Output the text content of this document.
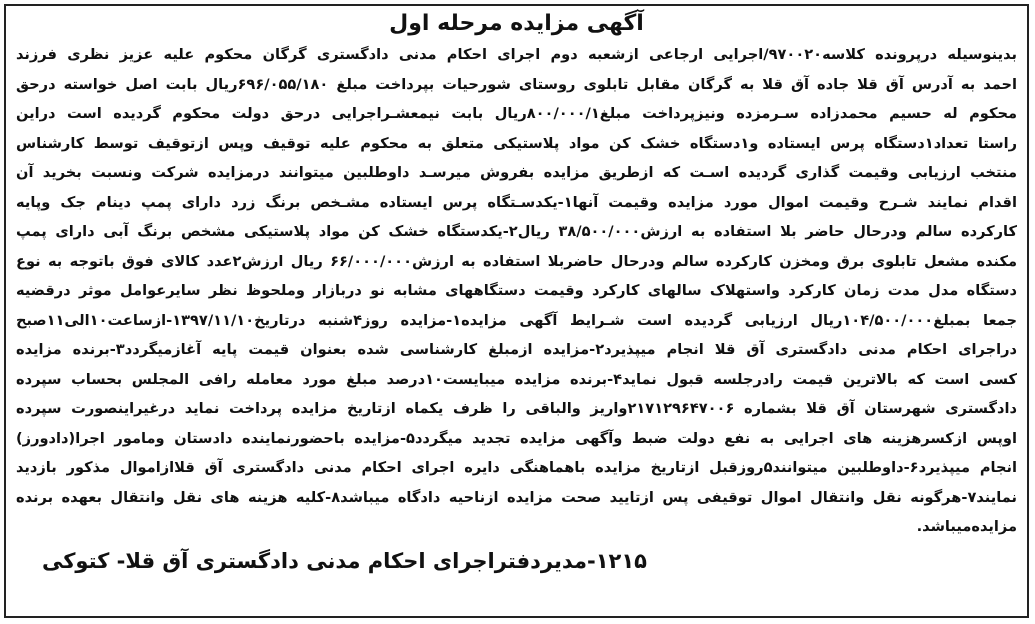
آگهی مزایده مرحله اول
بدینوسیله درپرونده کلاسه۹۷۰۰۲۰/اجرایی ارجاعی ازشعبه دوم اجرای احکام مدنی دادگستری گرگان محکوم علیه عزیز نظری فرزند
احمد به آدرس آق قلا جاده آق قلا به گرگان مقابل تابلوی روستای شورحیات بپرداخت مبلغ ۶۹۶/۰۵۵/۱۸۰ریال بابت اصل خواسته درحق
محکوم له حسیم محمدزاده سـرمزده ونیزپرداخت مبلغ۸۰۰/۰۰۰/۱ریال بابت نیمعشـراجرایی درحق دولت محکوم گردیده است دراین
راستا تعداد۱دستگاه پرس ایستاده و۱دستگاه خشک کن مواد پلاستیکی متعلق به محکوم علیه توقیف وپس ازتوقیف توسط کارشناس
منتخب ارزیابی وقیمت گذاری گردیده اسـت که ازطریق مزایده بفروش میرسـد داوطلبین میتوانند درمزایده شرکت ونسبت بخرید آن
اقدام نمایند شـرح وقیمت اموال مورد مزایده وقیمت آنها۱-یکدسـتگاه پرس ایستاده مشـخص برنگ زرد دارای پمپ دینام جک وپایه
کارکرده سالم ودرحال حاضر بلا استفاده به ارزش۳۸/۵۰۰/۰۰۰ ریال۲-یکدستگاه خشک کن مواد پلاستیکی مشخص برنگ آبی دارای پمپ
مکنده مشعل تابلوی برق ومخزن کارکرده سالم ودرحال حاضربلا استفاده به ارزش۶۶/۰۰۰/۰۰۰ ریال ارزش۲عدد کالای فوق باتوجه به نوع
دستگاه مدل مدت زمان کارکرد واستهلاک سالهای کارکرد وقیمت دستگاههای مشابه نو دربازار وملحوظ نظر سایرعوامل موثر درقضیه
جمعا بمبلغ۱۰۴/۵۰۰/۰۰۰ریال ارزیابی گردیده است شـرایط آگهی مزایده۱-مزایده روز۴شنبه درتاریخ۱۳۹۷/۱۱/۱۰-ازساعت۱۰الی۱۱صبح
دراجرای احکام مدنی دادگستری آق قلا انجام میپذیرد۲-مزایده ازمبلغ کارشناسی شده بعنوان قیمت پایه آغازمیگردد۳-برنده مزایده
کسی است که بالاترین قیمت رادرجلسه قبول نماید۴-برنده مزایده میبایست۱۰درصد مبلغ مورد معامله رافی المجلس بحساب سپرده
دادگستری شهرستان آق قلا بشماره ۲۱۷۱۲۹۶۴۷۰۰۶واریز والباقی را ظرف یکماه ازتاریخ مزایده پرداخت نماید درغیراینصورت سپرده
اوپس ازکسرهزینه های اجرایی به نفع دولت ضبط وآگهی مزایده تجدید میگردد۵-مزایده باحضورنماینده دادستان ومامور اجرا(دادورز)
انجام میپذیرد۶-داوطلبین میتوانند۵روزقبل ازتاریخ مزایده باهماهنگی دایره اجرای احکام مدنی دادگستری آق قلاازاموال مذکور بازدید
نمایند۷-هرگونه نقل وانتقال اموال توقیفی پس ازتایید صحت مزایده ازناحیه دادگاه میباشد۸-کلیه هزینه های نقل وانتقال بعهده برنده
مزایده‌میباشد.
۱۲۱۵-مدیردفتراجرای احکام مدنی دادگستری آق قلا- کتوکی
